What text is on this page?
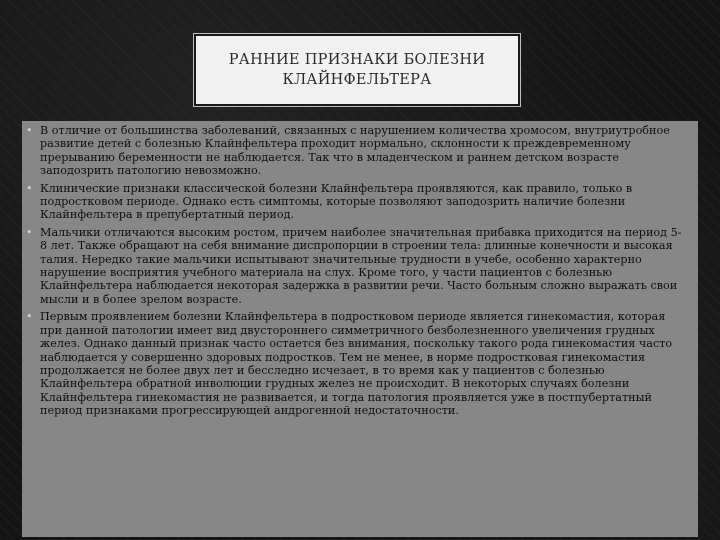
РАННИЕ ПРИЗНАКИ БОЛЕЗНИ
КЛАЙНФЕЛЬТЕРА
• В отличие от большинства заболеваний, связанных с нарушением количества хромосом, внутриутробное развитие детей с болезнью Клайнфельтера проходит нормально, склонности к преждевременному прерыванию беременности не наблюдается. Так что в младенческом и раннем детском возрасте заподозрить патологию невозможно.
• Клинические признаки классической болезни Клайнфельтера проявляются, как правило, только в подростковом периоде. Однако есть симптомы, которые позволяют заподозрить наличие болезни Клайнфельтера в препубертатный период.
• Мальчики отличаются высоким ростом, причем наиболее значительная прибавка приходится на период 5-8 лет. Также обращают на себя внимание диспропорции в строении тела: длинные конечности и высокая талия. Нередко такие мальчики испытывают значительные трудности в учебе, особенно характерно нарушение восприятия учебного материала на слух. Кроме того, у части пациентов с болезнью Клайнфельтера наблюдается некоторая задержка в развитии речи. Часто больным сложно выражать свои мысли и в более зрелом возрасте.
• Первым проявлением болезни Клайнфельтера в подростковом периоде является гинекомастия, которая при данной патологии имеет вид двустороннего симметричного безболезненного увеличения грудных желез. Однако данный признак часто остается без внимания, поскольку такого рода гинекомастия часто наблюдается у совершенно здоровых подростков. Тем не менее, в норме подростковая гинекомастия продолжается не более двух лет и бесследно исчезает, в то время как у пациентов с болезнью Клайнфельтера обратной инволюции грудных желез не происходит. В некоторых случаях болезни Клайнфельтера гинекомастия не развивается, и тогда патология проявляется уже в постпубертатный период признаками прогрессирующей андрогенной недостаточности.
